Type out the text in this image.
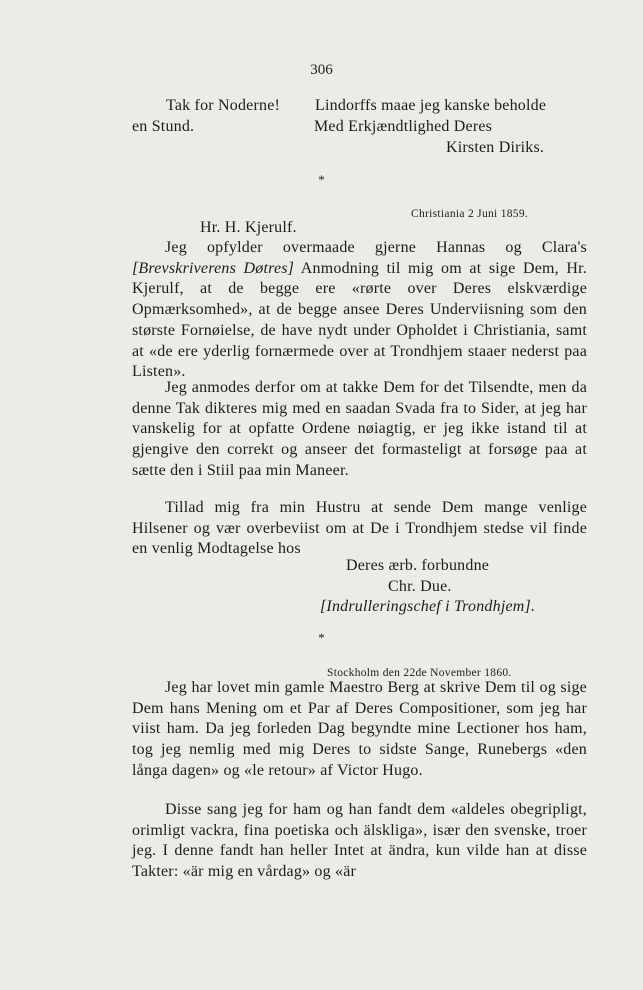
306
Tak for Noderne!	Lindorffs maae jeg kanske beholde
en Stund.	Med Erkjændtlighed Deres
Kirsten Diriks.
*
Christiania 2 Juni 1859.
Hr. H. Kjerulf.

Jeg opfylder overmaade gjerne Hannas og Clara's [Brevskriverens Døtres] Anmodning til mig om at sige Dem, Hr. Kjerulf, at de begge ere «rørte over Deres elskværdige Opmærksomhed», at de begge ansee Deres Underviisning som den største Fornøielse, de have nydt under Opholdet i Christiania, samt at «de ere yderlig fornærmede over at Trondhjem staaer nederst paa Listen».

Jeg anmodes derfor om at takke Dem for det Tilsendte, men da denne Tak dikteres mig med en saadan Svada fra to Sider, at jeg har vanskelig for at opfatte Ordene nøiagtig, er jeg ikke istand til at gjengive den correkt og anseer det formasteligt at forsøge paa at sætte den i Stiil paa min Maneer.

Tillad mig fra min Hustru at sende Dem mange venlige Hilsener og vær overbeviist om at De i Trondhjem stedse vil finde en venlig Modtagelse hos

Deres ærb. forbundne
Chr. Due.
[Indrulleringschef i Trondhjem].
*
Stockholm den 22de November 1860.

Jeg har lovet min gamle Maestro Berg at skrive Dem til og sige Dem hans Mening om et Par af Deres Compositioner, som jeg har viist ham. Da jeg forleden Dag begyndte mine Lectioner hos ham, tog jeg nemlig med mig Deres to sidste Sange, Runebergs «den långa dagen» og «le retour» af Victor Hugo.

Disse sang jeg for ham og han fandt dem «aldeles obegripligt, orimligt vackra, fina poetiska och älskliga», især den svenske, troer jeg. I denne fandt han heller Intet at ändra, kun vilde han at disse Takter: «är mig en vårdag» og «är
